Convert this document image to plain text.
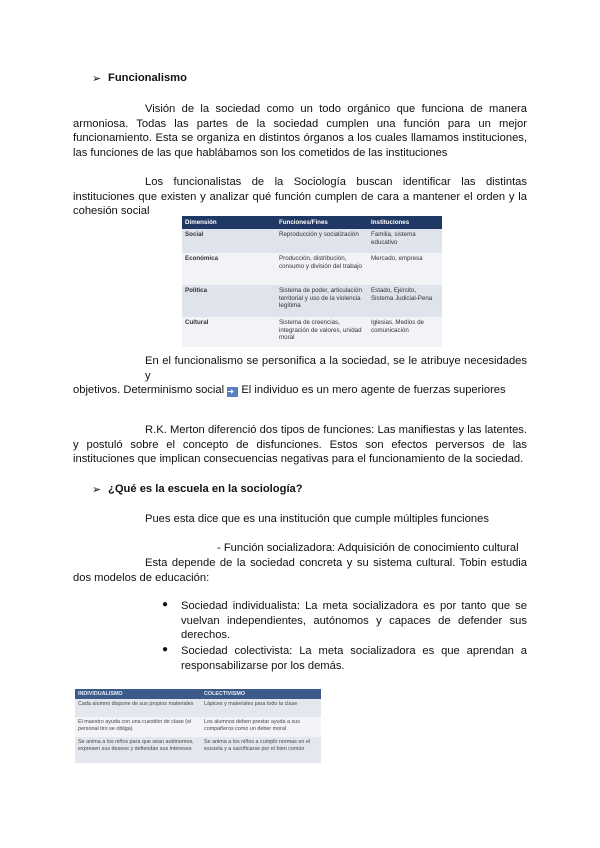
➢ Funcionalismo

Visión de la sociedad como un todo orgánico que funciona de manera

armoniosa. Todas las partes de la sociedad cumplen una función para un mejor

funcionamiento. Esta se organiza en distintos órganos a los cuales llamamos instituciones,

las funciones de las que hablábamos son los cometidos de las instituciones

Los funcionalistas de la Sociología buscan identificar las distintas

instituciones que existen y analizar qué función cumplen de cara a mantener el orden y la

cohesión social

Dimensión	Funciones/Fines	Instituciones
Social	Reproducción y socialización	Familia, sistema educativo
Económica	Producción, distribución, consumo y división del trabajo	Mercado, empresa
Política	Sistema de poder, articulación territorial y uso de la violencia legítima	Estado, Ejército, Sistema Judicial-Pena
Cultural	Sistema de creencias, integración de valores, unidad moral	Iglesias. Medios de comunicación

En el funcionalismo se personifica a la sociedad, se le atribuye necesidades y

objetivos. Determinismo social ➜ El individuo es un mero agente de fuerzas superiores

R.K. Merton diferenció dos tipos de funciones: Las manifiestas y las latentes.

y postuló sobre el concepto de disfunciones. Estos son efectos perversos de las

instituciones que implican consecuencias negativas para el funcionamiento de la sociedad.

➢ ¿Qué es la escuela en la sociología?
Pues esta dice que es una institución que cumple múltiples funciones
- Función socializadora: Adquisición de conocimiento cultural

Esta depende de la sociedad concreta y su sistema cultural. Tobin estudia

dos modelos de educación:

● Sociedad individualista: La meta socializadora es por tanto que se

vuelvan independientes, autónomos y capaces de defender sus

derechos.

● Sociedad colectivista: La meta socializadora es que aprendan a

responsabilizarse por los demás.

INDIVIDUALISMO	COLECTIVISMO
Cada alumno dispone de sus propios materiales	Lápices y materiales para todo la clase
El maestro ayuda con una cuestión de clase (el personal tiro se obliga)	Los alumnos deben prestar ayuda a sus compañeros como un deber moral
Se anima a los niños para que sean autónomos, expresen sus deseos y defiendan sus intereses	Se anima a los niños a cumplir normas en el escuela y a sacrificarse por el bien común
